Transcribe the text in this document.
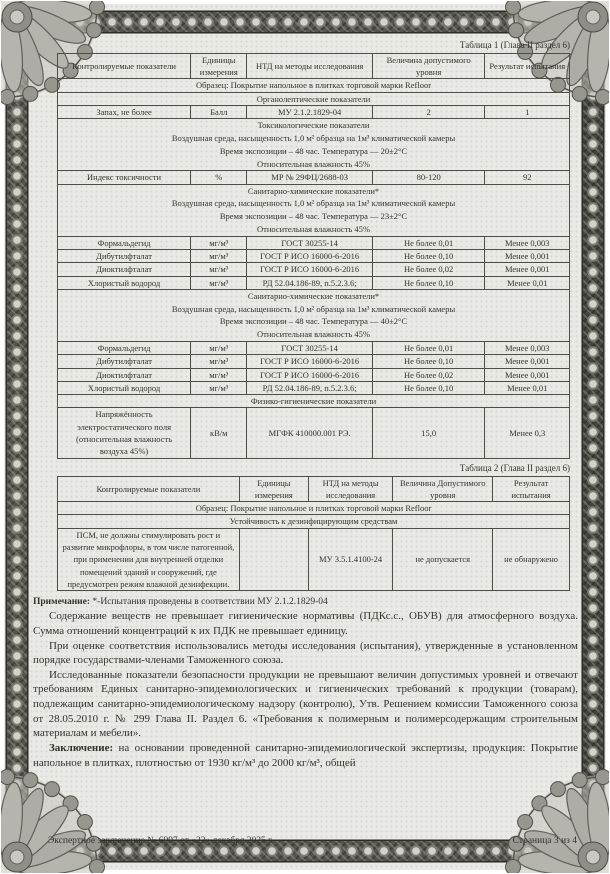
Таблица 1 (Глава II раздел 6)
Контролируемые показатели	Единицы измерения	НТД на методы исследования	Величина допустимого уровня	Результат испытания
Образец: Покрытие напольное в плитках торговой марки Refloor				
Органолептические показатели				
Запах, не более	Балл	МУ 2.1.2.1829-04	2	1

Токсикологические показатели
Воздушная среда, насыщенность 1,0 м² образца на 1м³ климатической камеры
Время экспозиции – 48 час. Температура — 20±2°С
Относительная влажность 45%				

Индекс токсичности	%	МР № 29ФЦ/2688-03	80-120	92

Санитарно-химические показатели*
Воздушная среда, насыщенность 1,0 м² образца на 1м³ климатической камеры
Время экспозиции – 48 час. Температура — 23±2°С
Относительная влажность 45%				

Формальдегид	мг/м³	ГОСТ 30255-14	Не более 0,01	Менее 0,003
Дибутилфталат	мг/м³	ГОСТ Р ИСО 16000-6-2016	Не более 0,10	Менее 0,001
Диоктилфталат	мг/м³	ГОСТ Р ИСО 16000-6-2016	Не более 0,02	Менее 0,001
Хлористый водород	мг/м³	РД 52.04.186-89, п.5.2.3.6;	Не более 0,10	Менее 0,01

Санитарно-химические показатели*
Воздушная среда, насыщенность 1,0 м² образца на 1м³ климатической камеры
Время экспозиции – 48 час. Температура — 40±2°С
Относительная влажность 45%				

Формальдегид	мг/м³	ГОСТ 30255-14	Не более 0,01	Менее 0,003
Дибутилфталат	мг/м³	ГОСТ Р ИСО 16000-6-2016	Не более 0,10	Менее 0,001
Диоктилфталат	мг/м³	ГОСТ Р ИСО 16000-6-2016	Не более 0,02	Менее 0,001
Хлористый водород	мг/м³	РД 52.04.186-89, п.5.2.3.6;	Не более 0,10	Менее 0,01
Физико-гигиенические показатели				
Напряжённость электростатического поля (относительная влажность воздуха 45%)	кВ/м	МГФК 410000.001 РЭ.	15,0	Менее 0,3
Таблица 2 (Глава II раздел 6)
Контролируемые показатели	Единицы измерения	НТД на методы исследования	Величина Допустимого уровня	Результат испытания
Образец: Покрытие напольное и плитках торговой марки Refloor				
Устойчивость к дезинфицирующим средствам				
ПСМ, не должны стимулировать рост и развитие микрофлоры, в том числе патогенной, при применении для внутренней отделки помещений зданий и сооружений, где предусмотрен режим влажной дезинфекции.		МУ 3.5.1.4100-24	не допускается	не обнаружено
Примечание: *-Испытания проведены в соответствии МУ 2.1.2.1829-04

Содержание веществ не превышает гигиенические нормативы (ПДКс.с., ОБУВ) для атмосферного воздуха. Сумма отношений концентраций к их ПДК не превышает единицу.

При оценке соответствия использовались методы исследования (испытания), утвержденные в установленном порядке государствами-членами Таможенного союза.

Исследованные показатели безопасности продукции не превышают величин допустимых уровней и отвечают требованиям Единых санитарно-эпидемиологических и гигиенических требований к продукции (товарам), подлежащим санитарно-эпидемиологическому надзору (контролю), Утв. Решением комиссии Таможенного союза от 28.05.2010 г. № 299 Глава II. Раздел 6. «Требования к полимерным и полимерсодержащим строительным материалам и мебели».

Заключение: на основании проведенной санитарно-эпидемиологической экспертизы, продукция: Покрытие напольное в плитках, плотностью от 1930 кг/м³ до 2000 кг/м³, общей

Экспертное заключение № 6997 от «22» декабря 2025 г.	Страница 3 из 4
